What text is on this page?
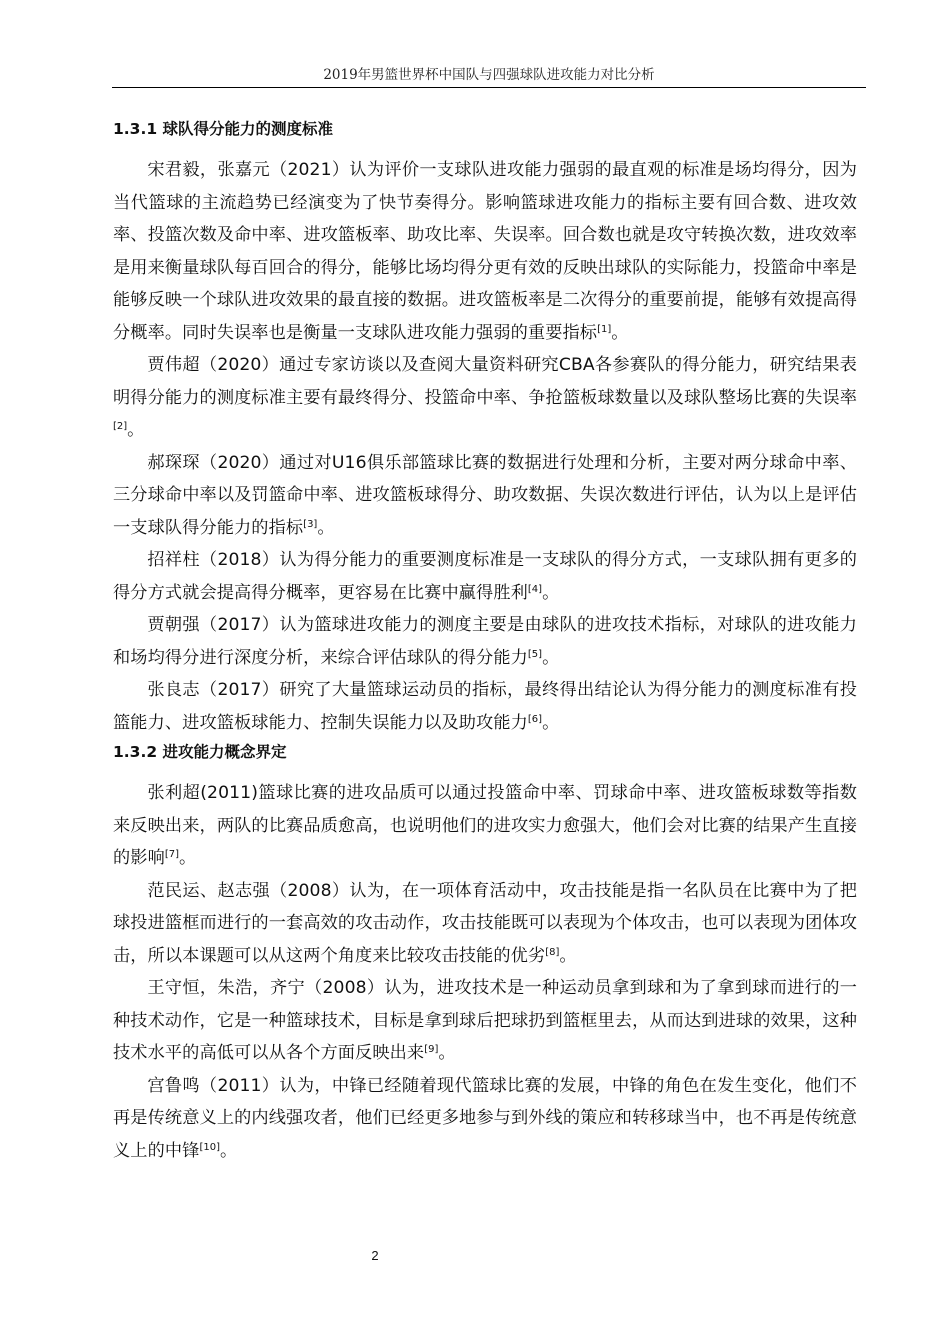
2019年男篮世界杯中国队与四强球队进攻能力对比分析
1.3.1 球队得分能力的测度标准

宋君毅，张嘉元（2021）认为评价一支球队进攻能力强弱的最直观的标准是场均得分，因为当代篮球的主流趋势已经演变为了快节奏得分。影响篮球进攻能力的指标主要有回合数、进攻效率、投篮次数及命中率、进攻篮板率、助攻比率、失误率。回合数也就是攻守转换次数，进攻效率是用来衡量球队每百回合的得分，能够比场均得分更有效的反映出球队的实际能力，投篮命中率是能够反映一个球队进攻效果的最直接的数据。进攻篮板率是二次得分的重要前提，能够有效提高得分概率。同时失误率也是衡量一支球队进攻能力强弱的重要指标[1]。

贾伟超（2020）通过专家访谈以及查阅大量资料研究CBA各参赛队的得分能力，研究结果表明得分能力的测度标准主要有最终得分、投篮命中率、争抢篮板球数量以及球队整场比赛的失误率[2]。

郝琛琛（2020）通过对U16俱乐部篮球比赛的数据进行处理和分析，主要对两分球命中率、三分球命中率以及罚篮命中率、进攻篮板球得分、助攻数据、失误次数进行评估，认为以上是评估一支球队得分能力的指标[3]。

招祥柱（2018）认为得分能力的重要测度标准是一支球队的得分方式，一支球队拥有更多的得分方式就会提高得分概率，更容易在比赛中赢得胜利[4]。

贾朝强（2017）认为篮球进攻能力的测度主要是由球队的进攻技术指标，对球队的进攻能力和场均得分进行深度分析，来综合评估球队的得分能力[5]。

张良志（2017）研究了大量篮球运动员的指标，最终得出结论认为得分能力的测度标准有投篮能力、进攻篮板球能力、控制失误能力以及助攻能力[6]。

1.3.2 进攻能力概念界定

张利超(2011)篮球比赛的进攻品质可以通过投篮命中率、罚球命中率、进攻篮板球数等指数来反映出来，两队的比赛品质愈高，也说明他们的进攻实力愈强大，他们会对比赛的结果产生直接的影响[7]。

范民运、赵志强（2008）认为，在一项体育活动中，攻击技能是指一名队员在比赛中为了把球投进篮框而进行的一套高效的攻击动作，攻击技能既可以表现为个体攻击，也可以表现为团体攻击，所以本课题可以从这两个角度来比较攻击技能的优劣[8]。

王守恒，朱浩，齐宁（2008）认为，进攻技术是一种运动员拿到球和为了拿到球而进行的一种技术动作，它是一种篮球技术，目标是拿到球后把球扔到篮框里去，从而达到进球的效果，这种技术水平的高低可以从各个方面反映出来[9]。

宫鲁鸣（2011）认为，中锋已经随着现代篮球比赛的发展，中锋的角色在发生变化，他们不再是传统意义上的内线强攻者，他们已经更多地参与到外线的策应和转移球当中，也不再是传统意义上的中锋[10]。

2
